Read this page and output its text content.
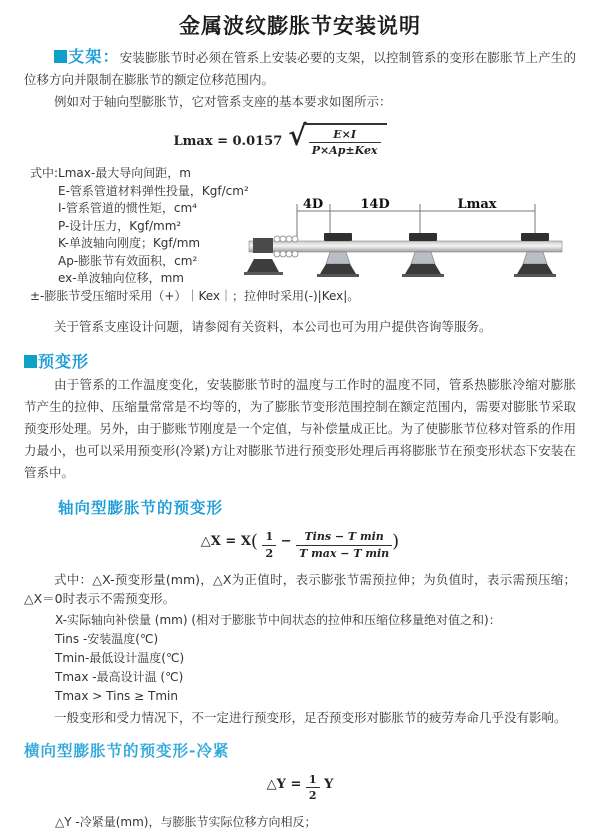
金属波纹膨胀节安装说明

支架：安装膨胀节时必须在管系上安装必要的支架，以控制管系的变形在膨胀节上产生的位移方向并限制在膨胀节的额定位移范围内。

例如对于轴向型膨胀节，它对管系支座的基本要求如图所示：

Lmax = 0.0157 √ $\frac{E\times I}{\text{P×Ap±Kex}}$

式中:Lmax-最大导向间距，m

E-管系管道材料弹性投量，Kgf/cm²

I-管系管道的惯性矩，cm⁴

P-设计压力，Kgf/mm²

K-单波轴向刚度；Kgf/mm

Ap-膨胀节有效面积，cm²

ex-单波轴向位移，mm

±-膨胀节受压缩时采用（+）｜Kex｜；拉伸时采用(-)|Kex|。

4D	14D	Lmax

关于管系支座设计问题，请参阅有关资料，本公司也可为用户提供咨询等服务。

预变形

由于管系的工作温度变化，安装膨胀节时的温度与工作时的温度不同，管系热膨胀冷缩对膨胀节产生的拉伸、压缩量常常是不均等的，为了膨胀节变形范围控制在额定范围内，需要对膨胀节采取预变形处理。另外，由于膨账节刚度是一个定值，与补偿量成正比。为了使膨胀节位移对管系的作用力最小，也可以采用预变形(冷紧)方让对膨胀节进行预变形处理后再将膨胀节在预变形状态下安装在管系中。

轴向型膨胀节的预变形
△X = $X( \frac{1}{2} - \frac{\text{Tins − T min}}{\text{T max − T min}}$ )

式中：△X-预变形量(mm)，△X为正值时，表示膨张节需预拉伸；为负值时，表示需预压缩；△X＝0时表示不需预变形。

X-实际轴向补偿量 (mm) (相对于膨胀节中间状态的拉伸和压缩位移量绝对值之和)：

Tins -安装温度(℃)

Tmin-最低设计温度(℃)

Tmax -最高设计温 (℃)

Tmax > Tins ≥ Tmin

一般变形和受力情况下，不一定进行预变形，足否预变形对膨胀节的疲劳寿命几乎没有影响。

横向型膨胀节的预变形-冷紧
△Y = $\frac{1}{2}$ Y

△Y -冷紧量(mm)，与膨胀节实际位移方向相反；
